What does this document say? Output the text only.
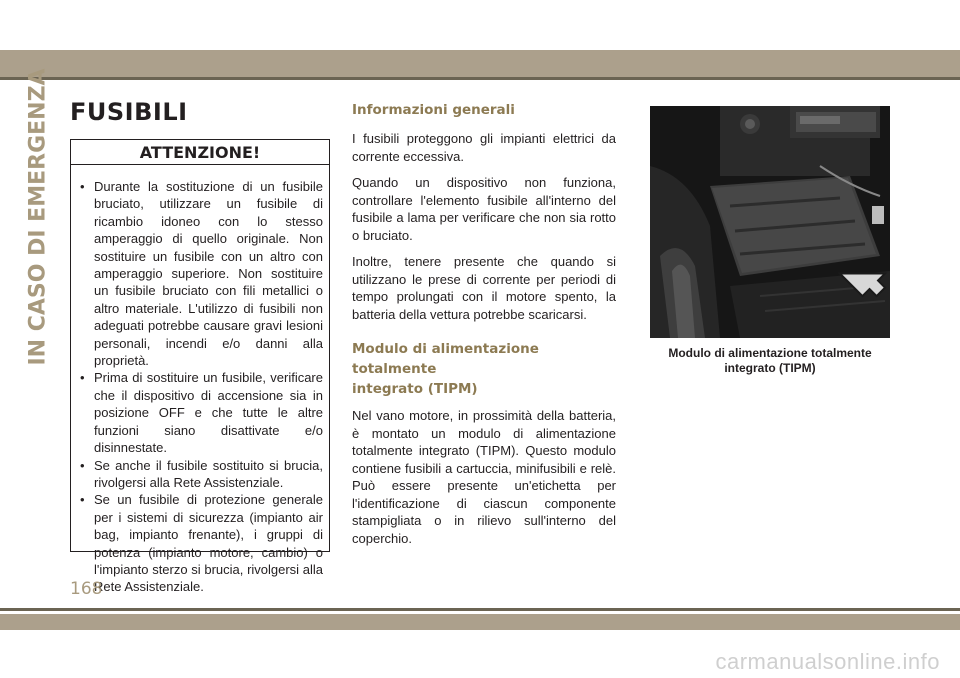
IN CASO DI EMERGENZA FUSIBILI
ATTENZIONE!
• Durante la sostituzione di un fusibile bruciato, utilizzare un fusibile di ricambio idoneo con lo stesso amperaggio di quello originale. Non sostituire un fusibile con un altro con amperaggio superiore. Non sostituire un fusibile bruciato con fili metallici o altro materiale. L'utilizzo di fusibili non adeguati potrebbe causare gravi lesioni personali, incendi e/o danni alla proprietà.
• Prima di sostituire un fusibile, verificare che il dispositivo di accensione sia in posizione OFF e che tutte le altre funzioni siano disattivate e/o disinnestate.
• Se anche il fusibile sostituito si brucia, rivolgersi alla Rete Assistenziale.
• Se un fusibile di protezione generale per i sistemi di sicurezza (impianto air bag, impianto frenante), i gruppi di potenza (impianto motore, cambio) o l'impianto sterzo si brucia, rivolgersi alla Rete Assistenziale.
Informazioni generali

I fusibili proteggono gli impianti elettrici da corrente eccessiva.

Quando un dispositivo non funziona, controllare l'elemento fusibile all'interno del fusibile a lama per verificare che non sia rotto o bruciato.

Inoltre, tenere presente che quando si utilizzano le prese di corrente per periodi di tempo prolungati con il motore spento, la batteria della vettura potrebbe scaricarsi.

Modulo di alimentazione totalmente
integrato (TIPM)

Nel vano motore, in prossimità della batteria, è montato un modulo di alimentazione totalmente integrato (TIPM). Questo modulo contiene fusibili a cartuccia, minifusibili e relè. Può essere presente un'etichetta per l'identificazione di ciascun componente stampigliata o in rilievo sull'interno del coperchio.

Modulo di alimentazione totalmente
integrato (TIPM)
168
carmanualsonline.info
